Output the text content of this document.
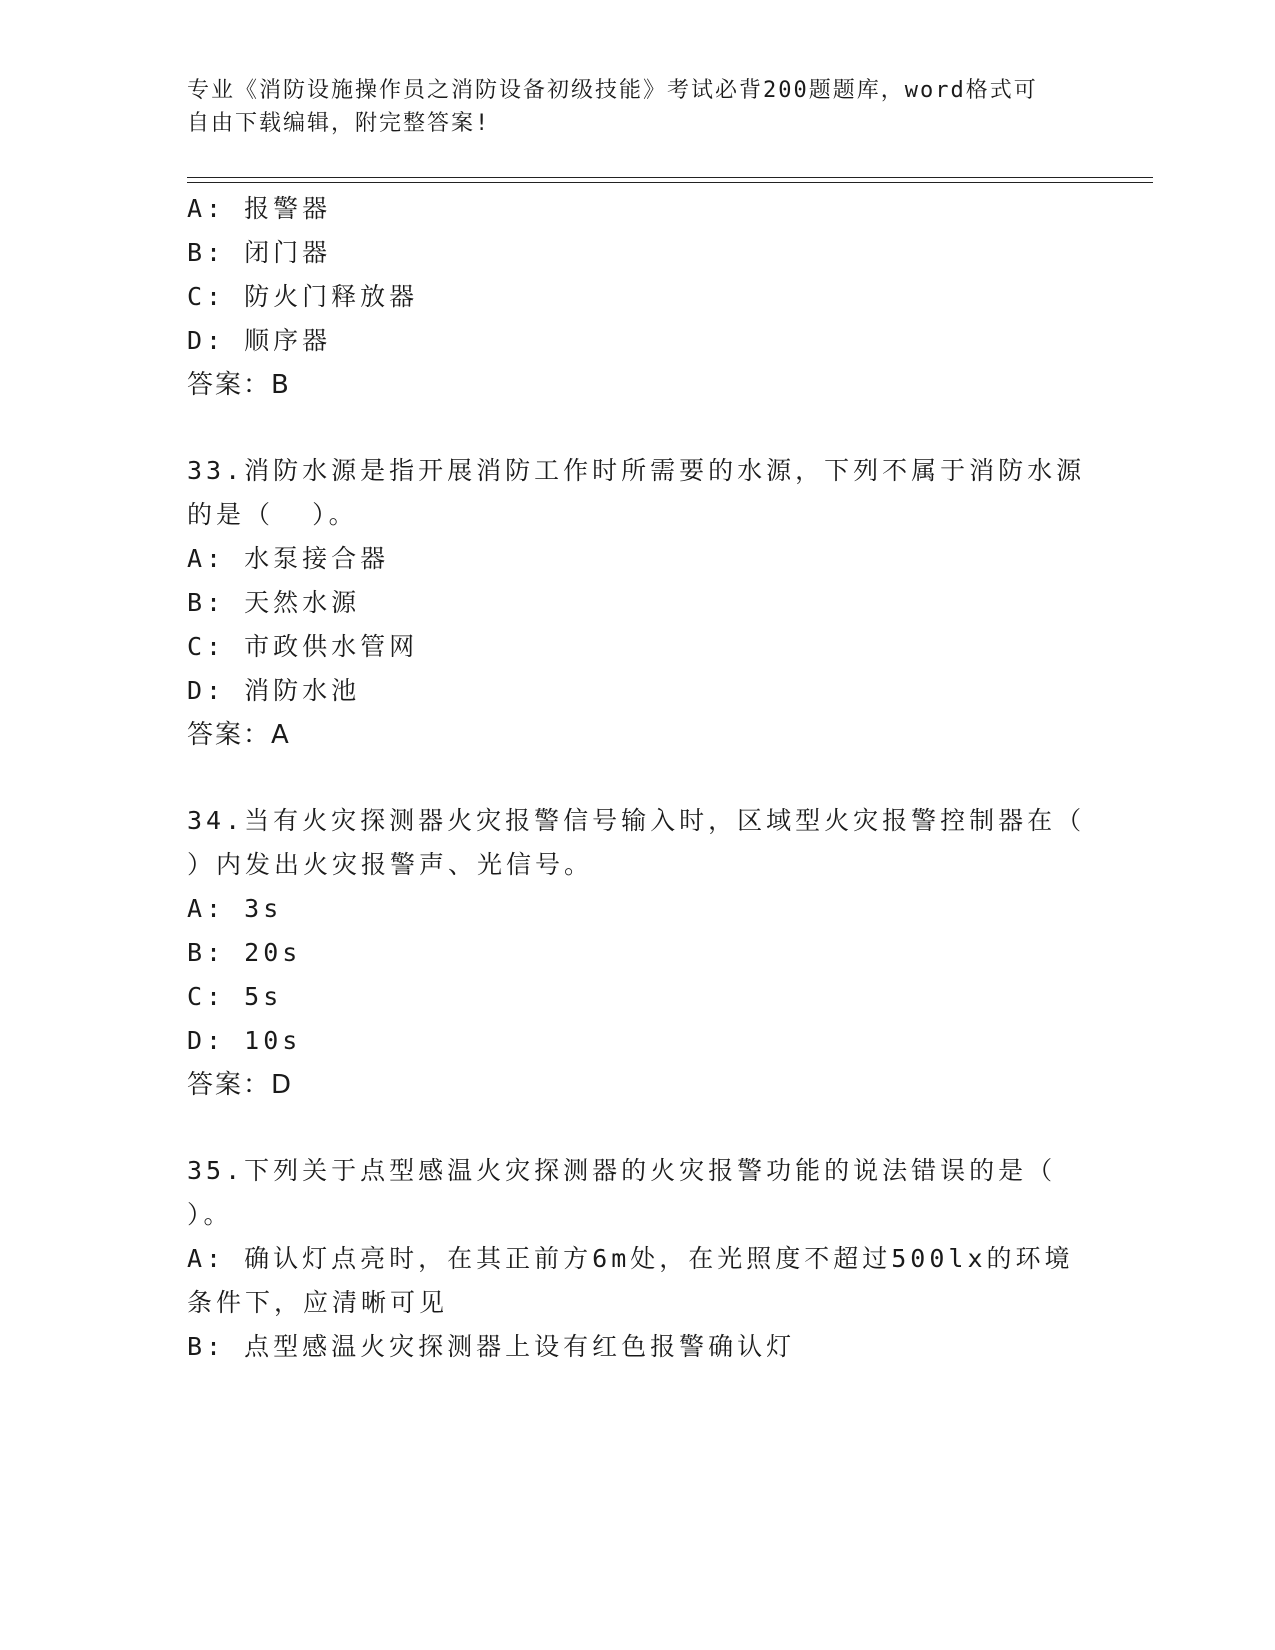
专业《消防设施操作员之消防设备初级技能》考试必背200题题库，word格式可
自由下载编辑，附完整答案!
A: 报警器
B: 闭门器
C: 防火门释放器
D: 顺序器
答案：B
33.消防水源是指开展消防工作时所需要的水源，下列不属于消防水源
的是（  ）。
A: 水泵接合器
B: 天然水源
C: 市政供水管网
D: 消防水池
答案：A
34.当有火灾探测器火灾报警信号输入时，区域型火灾报警控制器在（
）内发出火灾报警声、光信号。
A: 3s
B: 20s
C: 5s
D: 10s
答案：D
35.下列关于点型感温火灾探测器的火灾报警功能的说法错误的是（
）。
A: 确认灯点亮时，在其正前方6m处，在光照度不超过500lx的环境
条件下，应清晰可见
B: 点型感温火灾探测器上设有红色报警确认灯
